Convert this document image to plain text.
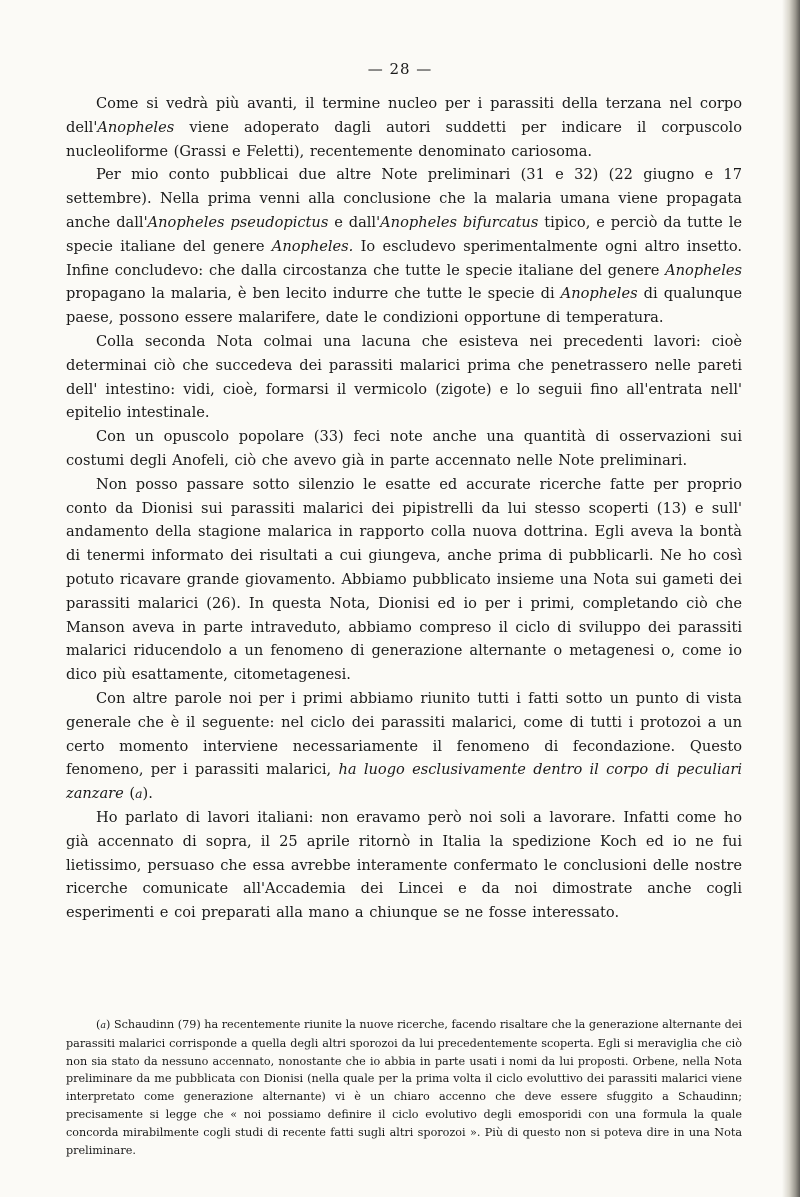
— 28 —

Come si vedrà più avanti, il termine nucleo per i parassiti della terzana nel corpo dell'Anopheles viene adoperato dagli autori suddetti per indicare il corpuscolo nucleoliforme (Grassi e Feletti), recentemente denominato cariosoma.

Per mio conto pubblicai due altre Note preliminari (31 e 32) (22 giugno e 17 settembre). Nella prima venni alla conclusione che la malaria umana viene propagata anche dall'Anopheles pseudopictus e dall'Anopheles bifurcatus tipico, e perciò da tutte le specie italiane del genere Anopheles. Io escludevo sperimentalmente ogni altro insetto. Infine concludevo: che dalla circostanza che tutte le specie italiane del genere Anopheles propagano la malaria, è ben lecito indurre che tutte le specie di Anopheles di qualunque paese, possono essere malarifere, date le condizioni opportune di temperatura.

Colla seconda Nota colmai una lacuna che esisteva nei precedenti lavori: cioè determinai ciò che succedeva dei parassiti malarici prima che penetrassero nelle pareti dell' intestino: vidi, cioè, formarsi il vermicolo (zigote) e lo seguii fino all'entrata nell' epitelio intestinale.

Con un opuscolo popolare (33) feci note anche una quantità di osservazioni sui costumi degli Anofeli, ciò che avevo già in parte accennato nelle Note preliminari.

Non posso passare sotto silenzio le esatte ed accurate ricerche fatte per proprio conto da Dionisi sui parassiti malarici dei pipistrelli da lui stesso scoperti (13) e sull' andamento della stagione malarica in rapporto colla nuova dottrina. Egli aveva la bontà di tenermi informato dei risultati a cui giungeva, anche prima di pubblicarli. Ne ho così potuto ricavare grande giovamento. Abbiamo pubblicato insieme una Nota sui gameti dei parassiti malarici (26). In questa Nota, Dionisi ed io per i primi, completando ciò che Manson aveva in parte intraveduto, abbiamo compreso il ciclo di sviluppo dei parassiti malarici riducendolo a un fenomeno di generazione alternante o metagenesi o, come io dico più esattamente, citometagenesi.

Con altre parole noi per i primi abbiamo riunito tutti i fatti sotto un punto di vista generale che è il seguente: nel ciclo dei parassiti malarici, come di tutti i protozoi a un certo momento interviene necessariamente il fenomeno di fecondazione. Questo fenomeno, per i parassiti malarici, ha luogo esclusivamente dentro il corpo di peculiari zanzare (a).

Ho parlato di lavori italiani: non eravamo però noi soli a lavorare. Infatti come ho già accennato di sopra, il 25 aprile ritornò in Italia la spedizione Koch ed io ne fui lietissimo, persuaso che essa avrebbe interamente confermato le conclusioni delle nostre ricerche comunicate all'Accademia dei Lincei e da noi dimostrate anche cogli esperimenti e coi preparati alla mano a chiunque se ne fosse interessato.

(a) Schaudinn (79) ha recentemente riunite la nuove ricerche, facendo risaltare che la generazione alternante dei parassiti malarici corrisponde a quella degli altri sporozoi da lui precedentemente scoperta. Egli si meraviglia che ciò non sia stato da nessuno accennato, nonostante che io abbia in parte usati i nomi da lui proposti. Orbene, nella Nota preliminare da me pubblicata con Dionisi (nella quale per la prima volta il ciclo evoluttivo dei parassiti malarici viene interpretato come generazione alternante) vi è un chiaro accenno che deve essere sfuggito a Schaudinn; precisamente si legge che « noi possiamo definire il ciclo evolutivo degli emosporidi con una formula la quale concorda mirabilmente cogli studi di recente fatti sugli altri sporozoi ». Più di questo non si poteva dire in una Nota preliminare.
